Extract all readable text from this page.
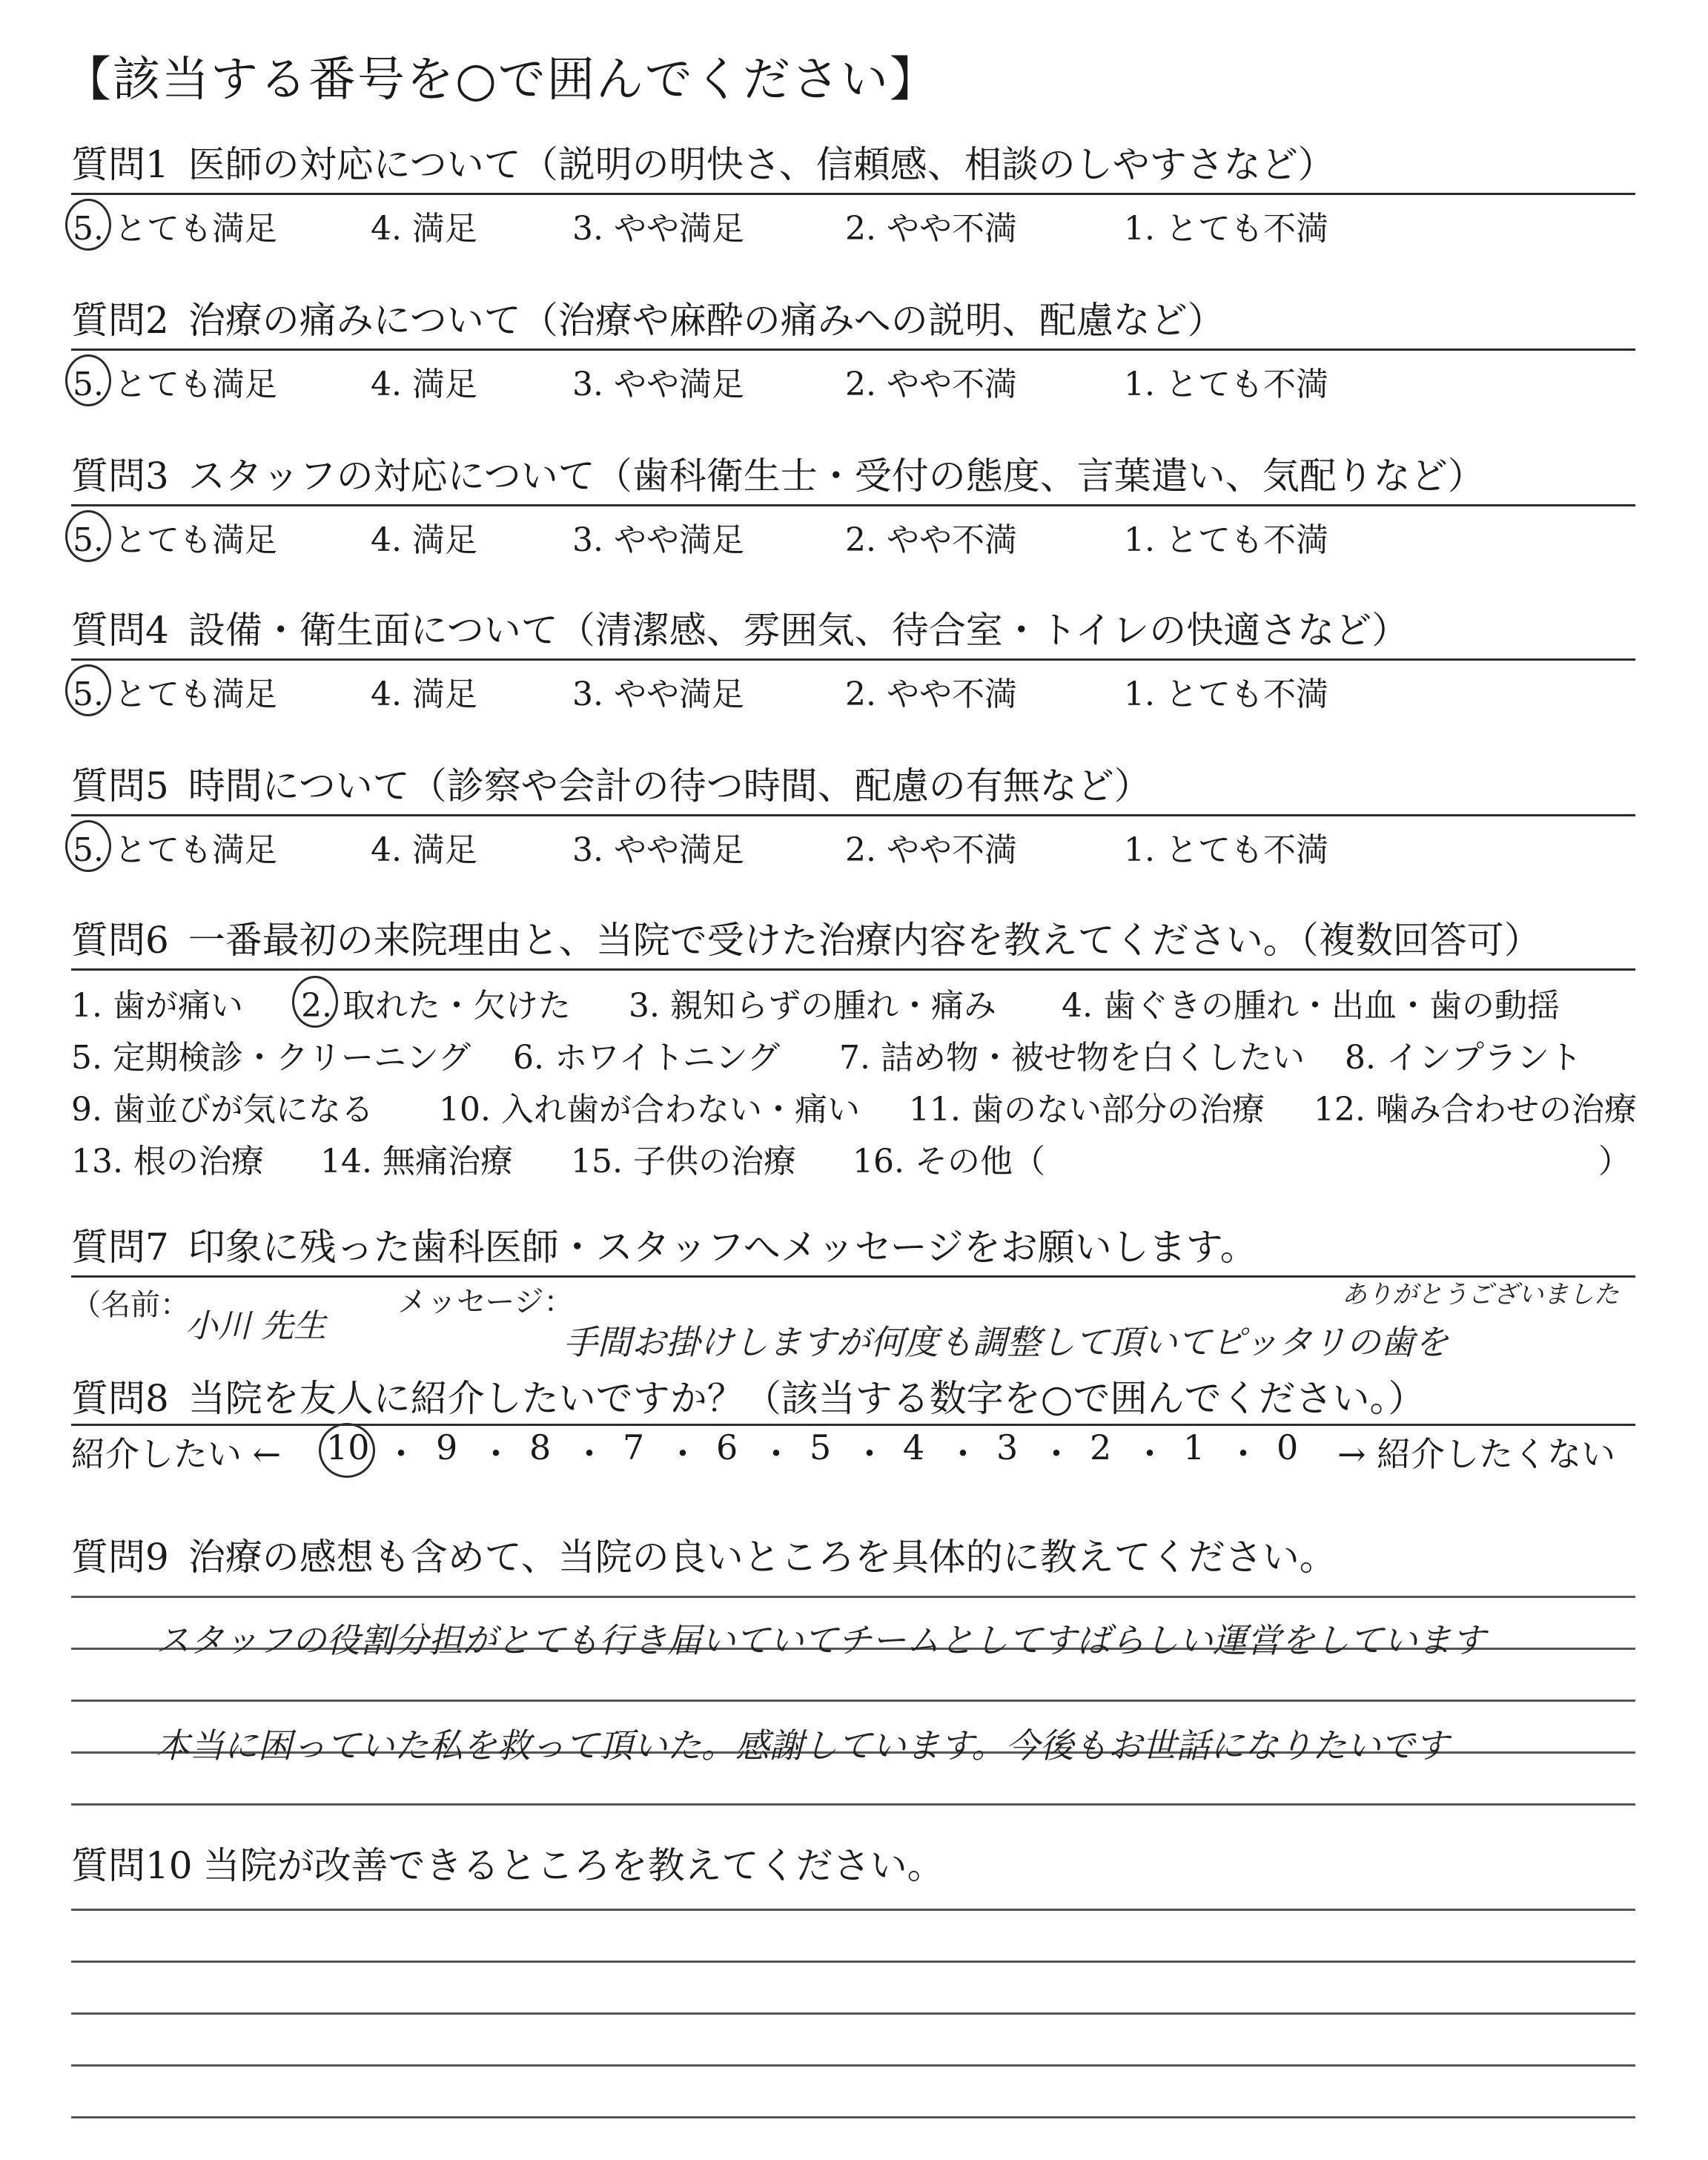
【該当する番号を○で囲んでください】
質問1 医師の対応について（説明の明快さ、信頼感、相談のしやすさなど）
5. とても満足	4. 満足	3. やや満足	2. やや不満	1. とても不満
質問2 治療の痛みについて（治療や麻酔の痛みへの説明、配慮など）
5. とても満足	4. 満足	3. やや満足	2. やや不満	1. とても不満
質問3 スタッフの対応について（歯科衛生士・受付の態度、言葉遣い、気配りなど）
5. とても満足	4. 満足	3. やや満足	2. やや不満	1. とても不満
質問4 設備・衛生面について（清潔感、雰囲気、待合室・トイレの快適さなど）
5. とても満足	4. 満足	3. やや満足	2. やや不満	1. とても不満
質問5 時間について（診察や会計の待つ時間、配慮の有無など）
5. とても満足	4. 満足	3. やや満足	2. やや不満	1. とても不満
質問6 一番最初の来院理由と、当院で受けた治療内容を教えてください。（複数回答可）
1. 歯が痛い 2. 取れた・欠けた 3. 親知らずの腫れ・痛み 4. 歯ぐきの腫れ・出血・歯の動揺
5. 定期検診・クリーニング 6. ホワイトニング 7. 詰め物・被せ物を白くしたい 8. インプラント
9. 歯並びが気になる 10. 入れ歯が合わない・痛い 11. 歯のない部分の治療 12. 噛み合わせの治療
13. 根の治療 14. 無痛治療 15. 子供の治療 16. その他（	）
質問7 印象に残った歯科医師・スタッフへメッセージをお願いします。
（名前：
小川 先生
メッセージ：
手間お掛けしますが何度も調整して頂いてピッタリの歯を
ありがとうございました
質問8 当院を友人に紹介したいですか？（該当する数字を○で囲んでください。）
紹介したい ← 10 ・ 9 ・ 8 ・ 7 ・ 6 ・ 5 ・ 4 ・ 3 ・ 2 ・ 1 ・ 0 → 紹介したくない
質問9 治療の感想も含めて、当院の良いところを具体的に教えてください。
スタッフの役割分担がとても行き届いていてチームとしてすばらしい運営をしています
本当に困っていた私を救って頂いた。感謝しています。今後もお世話になりたいです
質問10 当院が改善できるところを教えてください。
